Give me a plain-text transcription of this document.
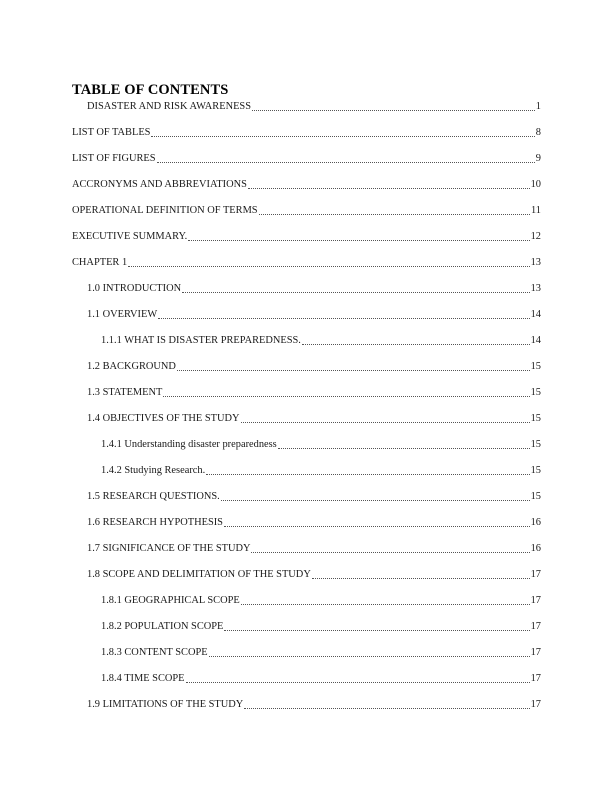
TABLE OF CONTENTS
DISASTER AND RISK AWARENESS	1
LIST OF TABLES	8
LIST OF FIGURES	9
ACCRONYMS AND ABBREVIATIONS	10
OPERATIONAL DEFINITION OF TERMS	11
EXECUTIVE SUMMARY.	12
CHAPTER 1	13
1.0 INTRODUCTION	13
1.1 OVERVIEW	14
1.1.1 WHAT IS DISASTER PREPAREDNESS.	14
1.2 BACKGROUND	15
1.3 STATEMENT	15
1.4 OBJECTIVES OF THE STUDY	15
1.4.1 Understanding disaster preparedness	15
1.4.2 Studying Research.	15
1.5 RESEARCH QUESTIONS.	15
1.6 RESEARCH HYPOTHESIS	16
1.7 SIGNIFICANCE OF THE STUDY	16
1.8 SCOPE AND DELIMITATION OF THE STUDY	17
1.8.1 GEOGRAPHICAL SCOPE	17
1.8.2 POPULATION SCOPE	17
1.8.3 CONTENT SCOPE	17
1.8.4 TIME SCOPE	17
1.9 LIMITATIONS OF THE STUDY	17
